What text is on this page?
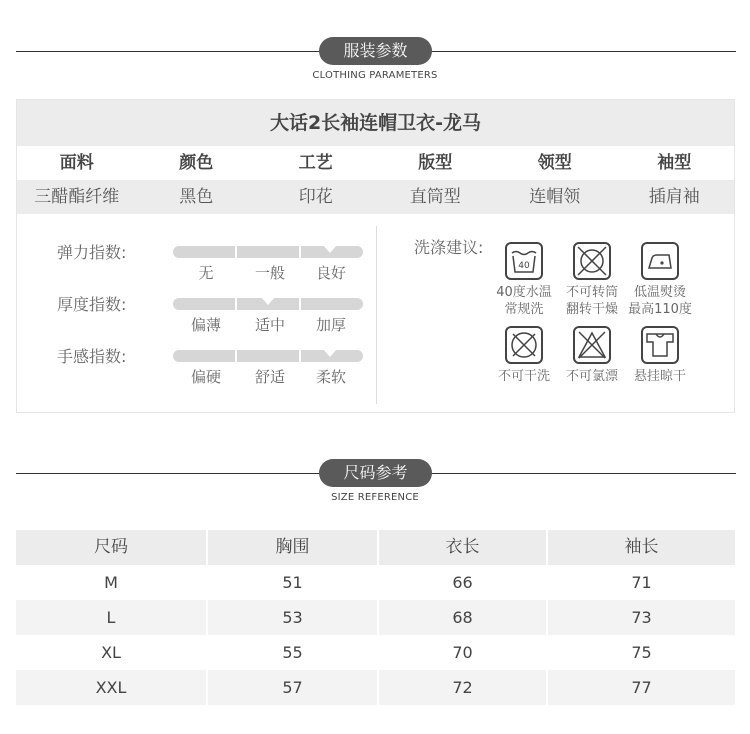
服装参数
CLOTHING PARAMETERS
大话2长袖连帽卫衣-龙马
面料	颜色	工艺	版型	领型	袖型
三醋酯纤维	黑色	印花	直筒型	连帽领	插肩袖
弹力指数:
无	一般	良好
厚度指数:
偏薄	适中	加厚
手感指数:
偏硬	舒适	柔软
洗涤建议:
40
40度水温
常规洗
不可转筒
翻转干燥
低温熨烫
最高110度
不可干洗	不可氯漂	悬挂晾干
尺码参考
SIZE REFERENCE
尺码	胸围	衣长	袖长
M	51	66	71
L	53	68	73
XL	55	70	75
XXL	57	72	77
